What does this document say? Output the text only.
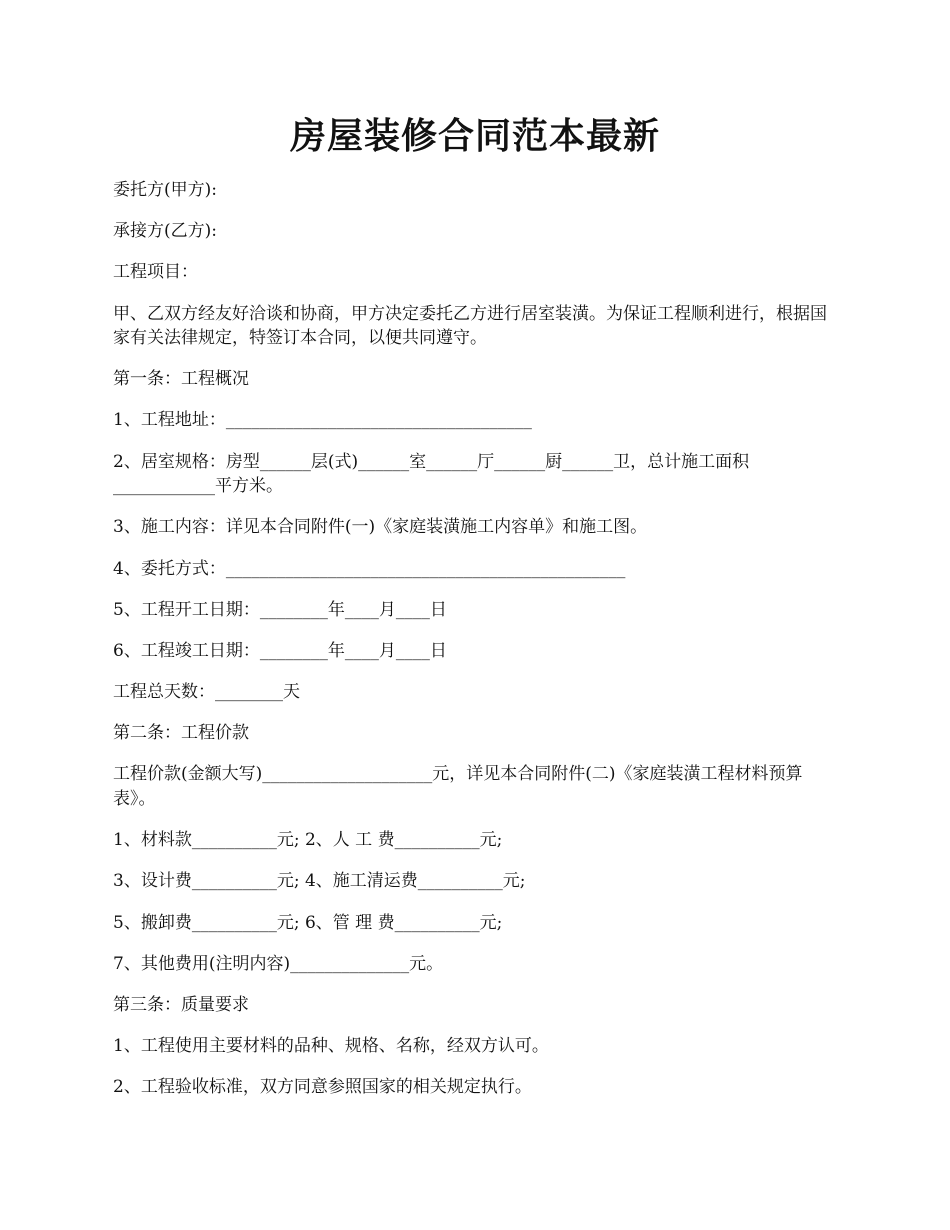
房屋装修合同范本最新

委托方(甲方):

承接方(乙方):

工程项目：

甲、乙双方经友好洽谈和协商，甲方决定委托乙方进行居室装潢。为保证工程顺利进行，根据国家有关法律规定，特签订本合同，以便共同遵守。

第一条：工程概况

1、工程地址：____________________________________

2、居室规格：房型______层(式)______室______厅______厨______卫，总计施工面积____________平方米。

3、施工内容：详见本合同附件(一)《家庭装潢施工内容单》和施工图。

4、委托方式：_______________________________________________

5、工程开工日期：________年____月____日

6、工程竣工日期：________年____月____日

工程总天数：________天

第二条：工程价款

工程价款(金额大写)____________________元，详见本合同附件(二)《家庭装潢工程材料预算表》。

1、材料款__________元; 2、人 工 费__________元;

3、设计费__________元; 4、施工清运费__________元;

5、搬卸费__________元; 6、管 理 费__________元;

7、其他费用(注明内容)______________元。

第三条：质量要求

1、工程使用主要材料的品种、规格、名称，经双方认可。

2、工程验收标准，双方同意参照国家的相关规定执行。
